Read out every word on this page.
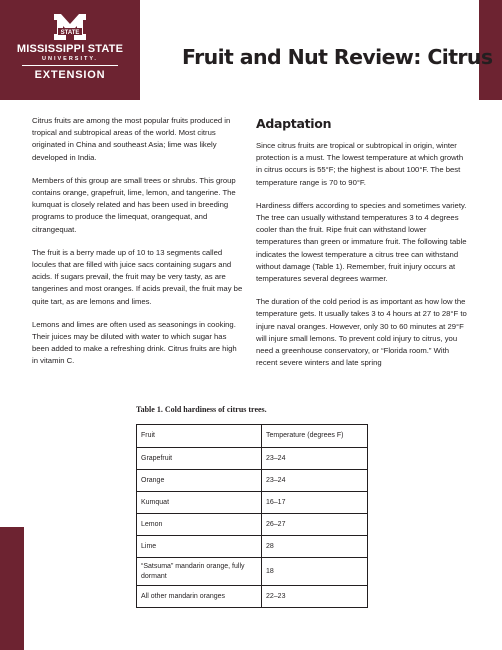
STATE
MISSISSIPPI STATE
UNIVERSITY.
EXTENSION
Fruit and Nut Review: Citrus

Citrus fruits are among the most popular fruits produced in tropical and subtropical areas of the world. Most citrus originated in China and southeast Asia; lime was likely developed in India.

Members of this group are small trees or shrubs. This group contains orange, grapefruit, lime, lemon, and tangerine. The kumquat is closely related and has been used in breeding programs to produce the limequat, orangequat, and citrangequat.

The fruit is a berry made up of 10 to 13 segments called locules that are filled with juice sacs containing sugars and acids. If sugars prevail, the fruit may be very tasty, as are tangerines and most oranges. If acids prevail, the fruit may be quite tart, as are lemons and limes.

Lemons and limes are often used as seasonings in cooking. Their juices may be diluted with water to which sugar has been added to make a refreshing drink. Citrus fruits are high in vitamin C.

Adaptation

Since citrus fruits are tropical or subtropical in origin, winter protection is a must. The lowest temperature at which growth in citrus occurs is 55°F; the highest is about 100°F. The best temperature range is 70 to 90°F.

Hardiness differs according to species and sometimes variety. The tree can usually withstand temperatures 3 to 4 degrees cooler than the fruit. Ripe fruit can withstand lower temperatures than green or immature fruit. The following table indicates the lowest temperature a citrus tree can withstand without damage (Table 1). Remember, fruit injury occurs at temperatures several degrees warmer.

The duration of the cold period is as important as how low the temperature gets. It usually takes 3 to 4 hours at 27 to 28°F to injure naval oranges. However, only 30 to 60 minutes at 29°F will injure small lemons. To prevent cold injury to citrus, you need a greenhouse conservatory, or “Florida room.” With recent severe winters and late spring

Table 1. Cold hardiness of citrus trees.

Fruit	Temperature (degrees F)
Grapefruit	23–24
Orange	23–24
Kumquat	16–17
Lemon	26–27
Lime	28
“Satsuma” mandarin orange, fully dormant	18
All other mandarin oranges	22–23
